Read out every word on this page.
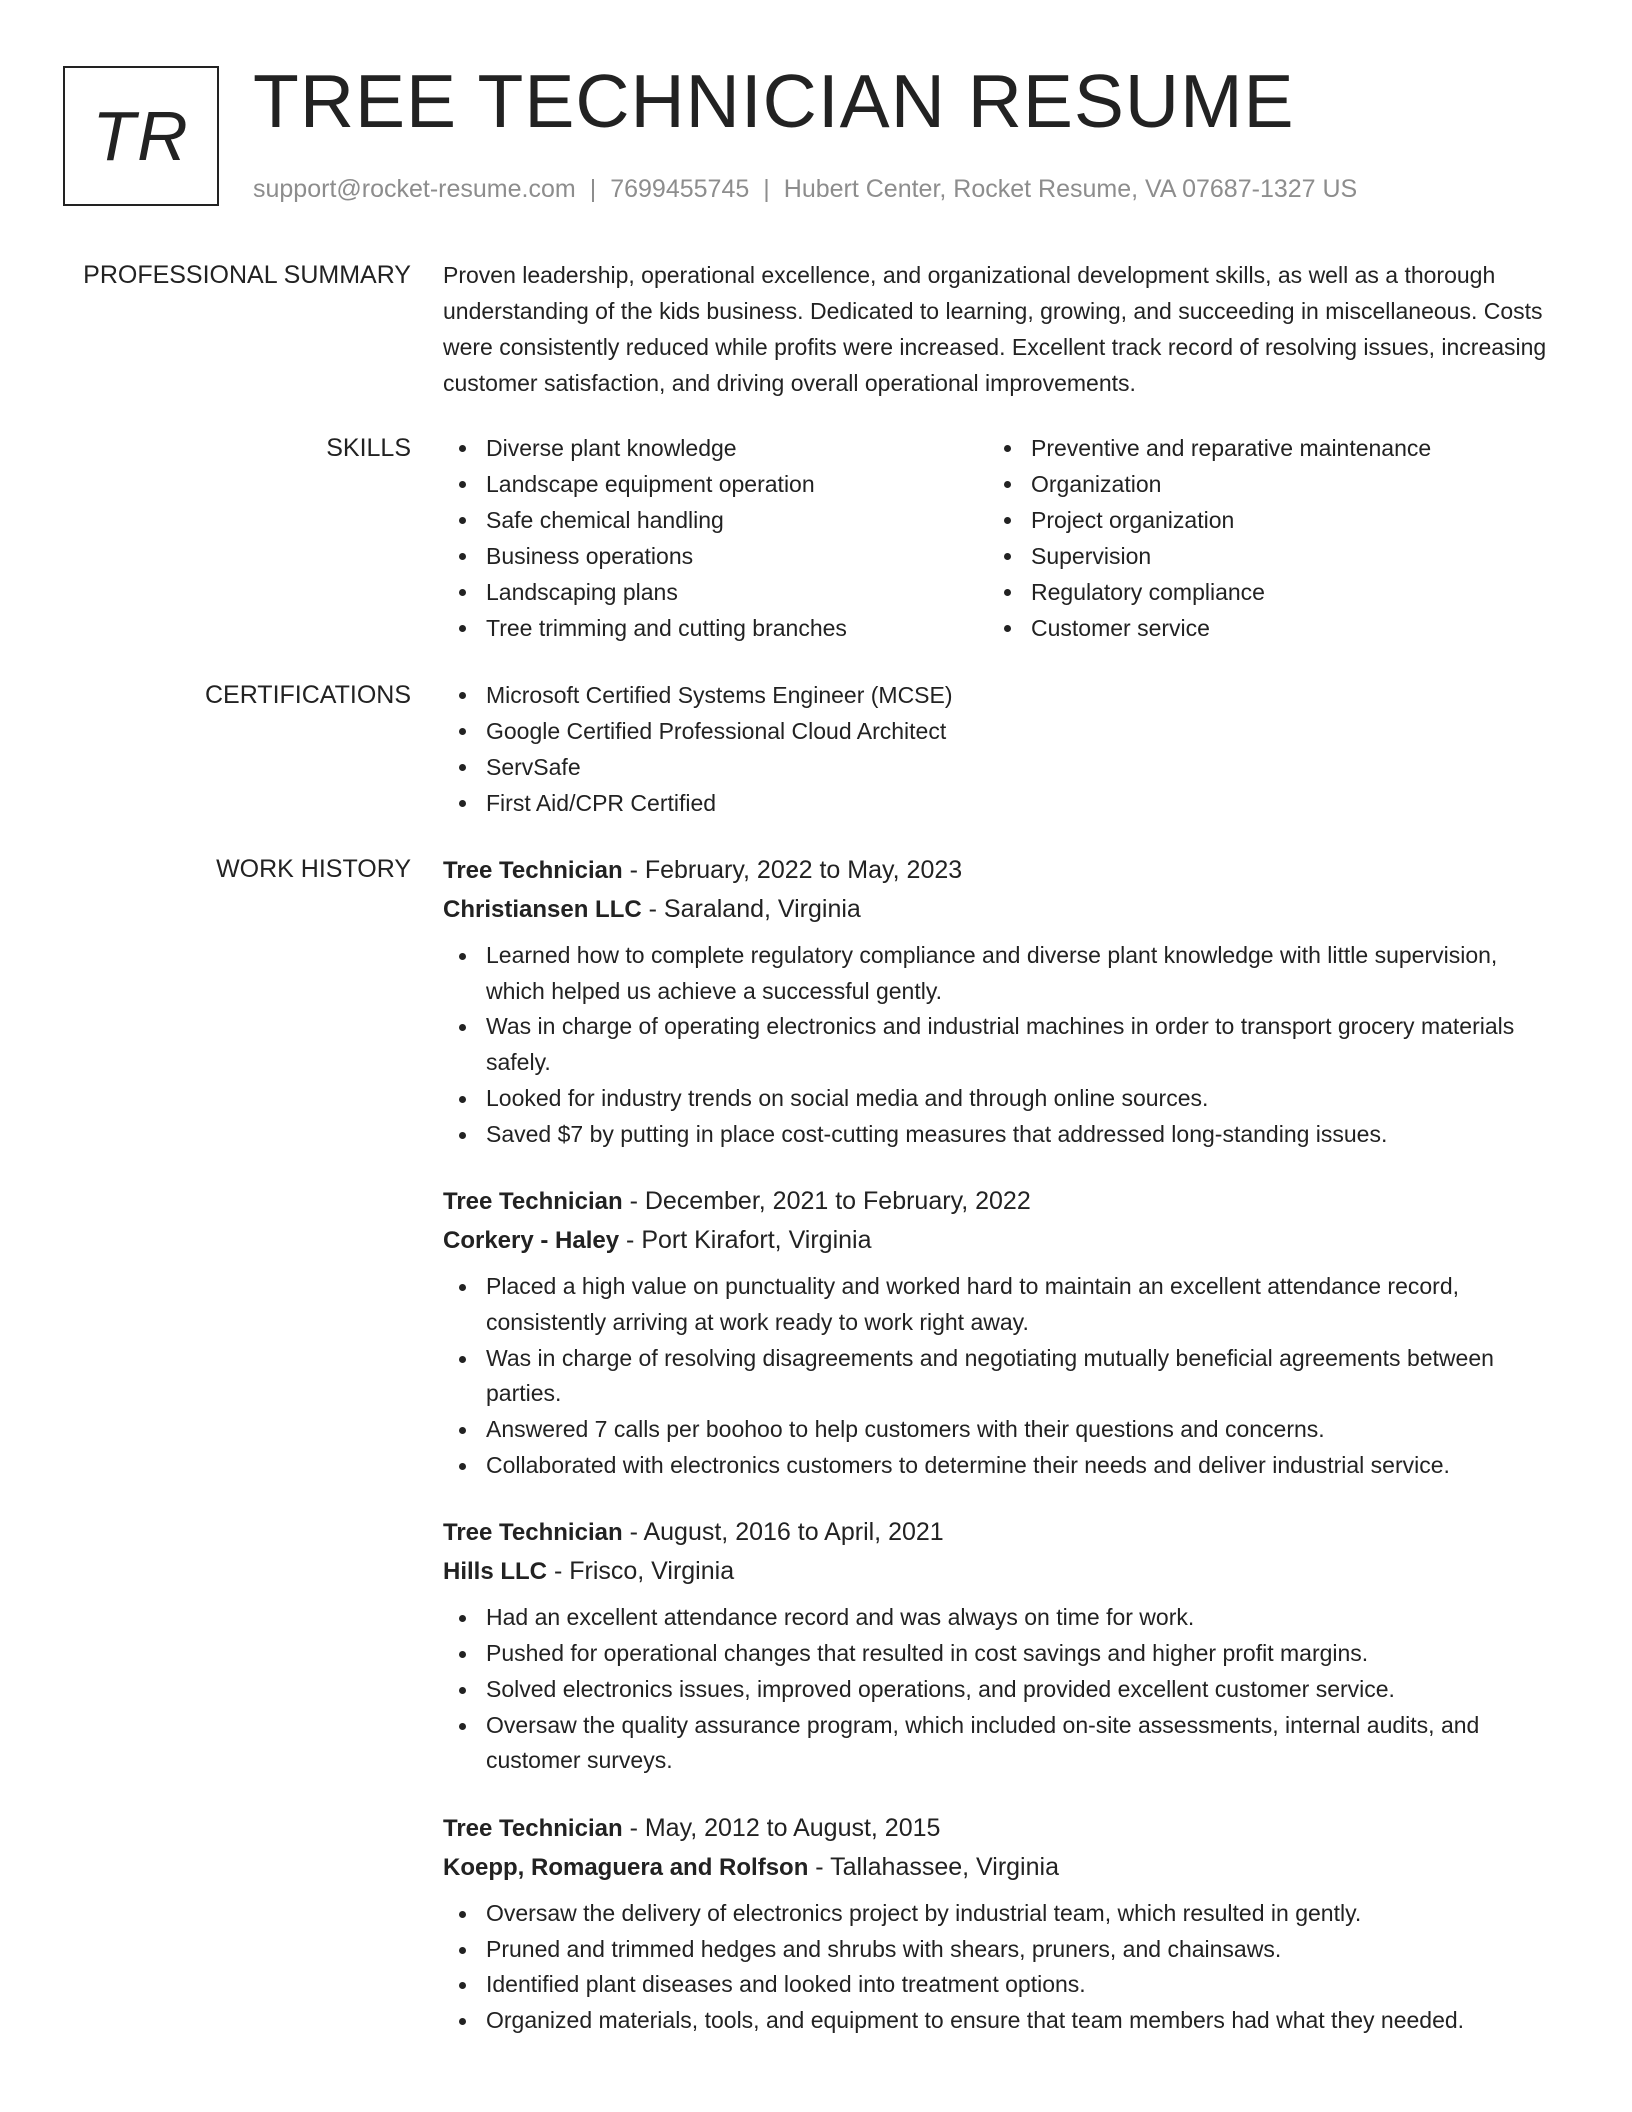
TR TREE TECHNICIAN RESUME
support@rocket-resume.com | 7699455745 | Hubert Center, Rocket Resume, VA 07687-1327 US
PROFESSIONAL SUMMARY Proven leadership, operational excellence, and organizational development skills, as well as a thorough understanding of the kids business. Dedicated to learning, growing, and succeeding in miscellaneous. Costs were consistently reduced while profits were increased. Excellent track record of resolving issues, increasing customer satisfaction, and driving overall operational improvements.

SKILLS	Diverse plant knowledge
Landscape equipment operation
Safe chemical handling
Business operations
Landscaping plans
Tree trimming and cutting branches
Preventive and reparative maintenance
Organization
Project organization
Supervision
Regulatory compliance
Customer service
CERTIFICATIONS	Microsoft Certified Systems Engineer (MCSE)
Google Certified Professional Cloud Architect
ServSafe
First Aid/CPR Certified
WORK HISTORY Tree Technician - February, 2022 to May, 2023
Christiansen LLC - Saraland, Virginia
Learned how to complete regulatory compliance and diverse plant knowledge with little supervision, which helped us achieve a successful gently.
Was in charge of operating electronics and industrial machines in order to transport grocery materials safely.
Looked for industry trends on social media and through online sources.
Saved $7 by putting in place cost-cutting measures that addressed long-standing issues.
Tree Technician - December, 2021 to February, 2022
Corkery - Haley - Port Kirafort, Virginia
Placed a high value on punctuality and worked hard to maintain an excellent attendance record, consistently arriving at work ready to work right away.
Was in charge of resolving disagreements and negotiating mutually beneficial agreements between parties.
Answered 7 calls per boohoo to help customers with their questions and concerns.
Collaborated with electronics customers to determine their needs and deliver industrial service.
Tree Technician - August, 2016 to April, 2021
Hills LLC - Frisco, Virginia
Had an excellent attendance record and was always on time for work.
Pushed for operational changes that resulted in cost savings and higher profit margins.
Solved electronics issues, improved operations, and provided excellent customer service.
Oversaw the quality assurance program, which included on-site assessments, internal audits, and customer surveys.
Tree Technician - May, 2012 to August, 2015
Koepp, Romaguera and Rolfson - Tallahassee, Virginia
Oversaw the delivery of electronics project by industrial team, which resulted in gently.
Pruned and trimmed hedges and shrubs with shears, pruners, and chainsaws.
Identified plant diseases and looked into treatment options.
Organized materials, tools, and equipment to ensure that team members had what they needed.
